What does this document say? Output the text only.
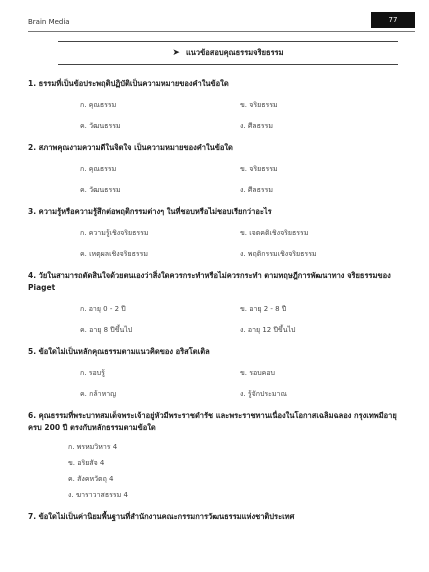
Brain Media	77
➤ แนวข้อสอบคุณธรรมจริยธรรม
1. ธรรมที่เป็นข้อประพฤติปฏิบัติเป็นความหมายของคำในข้อใด
ก. คุณธรรม	ข. จริยธรรม
ค. วัฒนธรรม	ง. ศีลธรรม
2. สภาพคุณงามความดีในจิตใจ เป็นความหมายของคำในข้อใด
ก. คุณธรรม	ข. จริยธรรม
ค. วัฒนธรรม	ง. ศีลธรรม
3. ความรู้หรือความรู้สึกต่อพฤติกรรมต่างๆ ในที่ชอบหรือไม่ชอบเรียกว่าอะไร
ก. ความรู้เชิงจริยธรรม	ข. เจตคติเชิงจริยธรรม
ค. เหตุผลเชิงจริยธรรม	ง. พฤติกรรมเชิงจริยธรรม
4. วัยในสามารถตัดสินใจด้วยตนเองว่าสิ่งใดควรกระทำหรือไม่ควรกระทำ ตามทฤษฎีการพัฒนาทาง จริยธรรมของ Piaget
ก. อายุ 0 - 2 ปี	ข. อายุ 2 - 8 ปี
ค. อายุ 8 ปีขึ้นไป	ง. อายุ 12 ปีขึ้นไป
5. ข้อใดไม่เป็นหลักคุณธรรมตามแนวคิดของ อริสโตเติล
ก. รอบรู้	ข. รอบคอบ
ค. กล้าหาญ	ง. รู้จักประมาณ
6. คุณธรรมที่พระบาทสมเด็จพระเจ้าอยู่หัวมีพระราชดำรัช และพระราชทานเนื่องในโอกาสเฉลิมฉลอง กรุงเทพมีอายุครบ 200 ปี ตรงกับหลักธรรมตามข้อใด
ก. พรหมวิหาร 4
ข. อริยสัจ 4
ค. สังคหวัตถุ 4
ง. ฆาราวาสธรรม 4
7. ข้อใดไม่เป็นค่านิยมพื้นฐานที่สำนักงานคณะกรรมการวัฒนธรรมแห่งชาติประเทศ
